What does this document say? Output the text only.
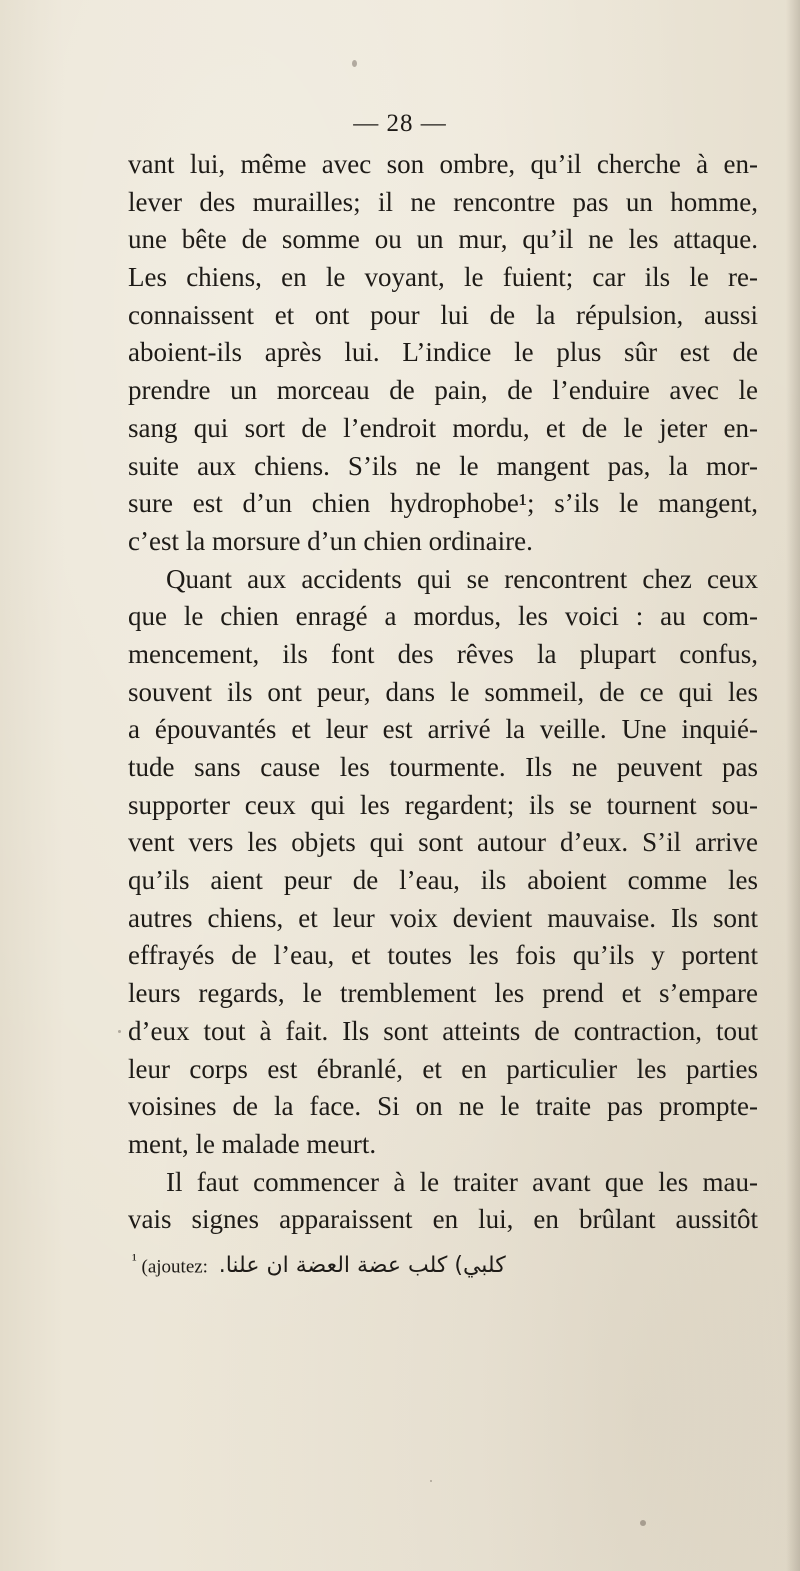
— 28 —
vant lui, même avec son ombre, qu’il cherche à en-
lever des murailles; il ne rencontre pas un homme,
une bête de somme ou un mur, qu’il ne les attaque.
Les chiens, en le voyant, le fuient; car ils le re-
connaissent et ont pour lui de la répulsion, aussi
aboient-ils après lui. L’indice le plus sûr est de
prendre un morceau de pain, de l’enduire avec le
sang qui sort de l’endroit mordu, et de le jeter en-
suite aux chiens. S’ils ne le mangent pas, la mor-
sure est d’un chien hydrophobe¹; s’ils le mangent,
c’est la morsure d’un chien ordinaire.
Quant aux accidents qui se rencontrent chez ceux
que le chien enragé a mordus, les voici : au com-
mencement, ils font des rêves la plupart confus,
souvent ils ont peur, dans le sommeil, de ce qui les
a épouvantés et leur est arrivé la veille. Une inquié-
tude sans cause les tourmente. Ils ne peuvent pas
supporter ceux qui les regardent; ils se tournent sou-
vent vers les objets qui sont autour d’eux. S’il arrive
qu’ils aient peur de l’eau, ils aboient comme les
autres chiens, et leur voix devient mauvaise. Ils sont
effrayés de l’eau, et toutes les fois qu’ils y portent
leurs regards, le tremblement les prend et s’empare
d’eux tout à fait. Ils sont atteints de contraction, tout
leur corps est ébranlé, et en particulier les parties
voisines de la face. Si on ne le traite pas prompte-
ment, le malade meurt.
Il faut commencer à le traiter avant que les mau-
vais signes apparaissent en lui, en brûlant aussitôt
$^{^1}$ (ajoutez: كلبي) كلب عضة العضة ان علنا.
